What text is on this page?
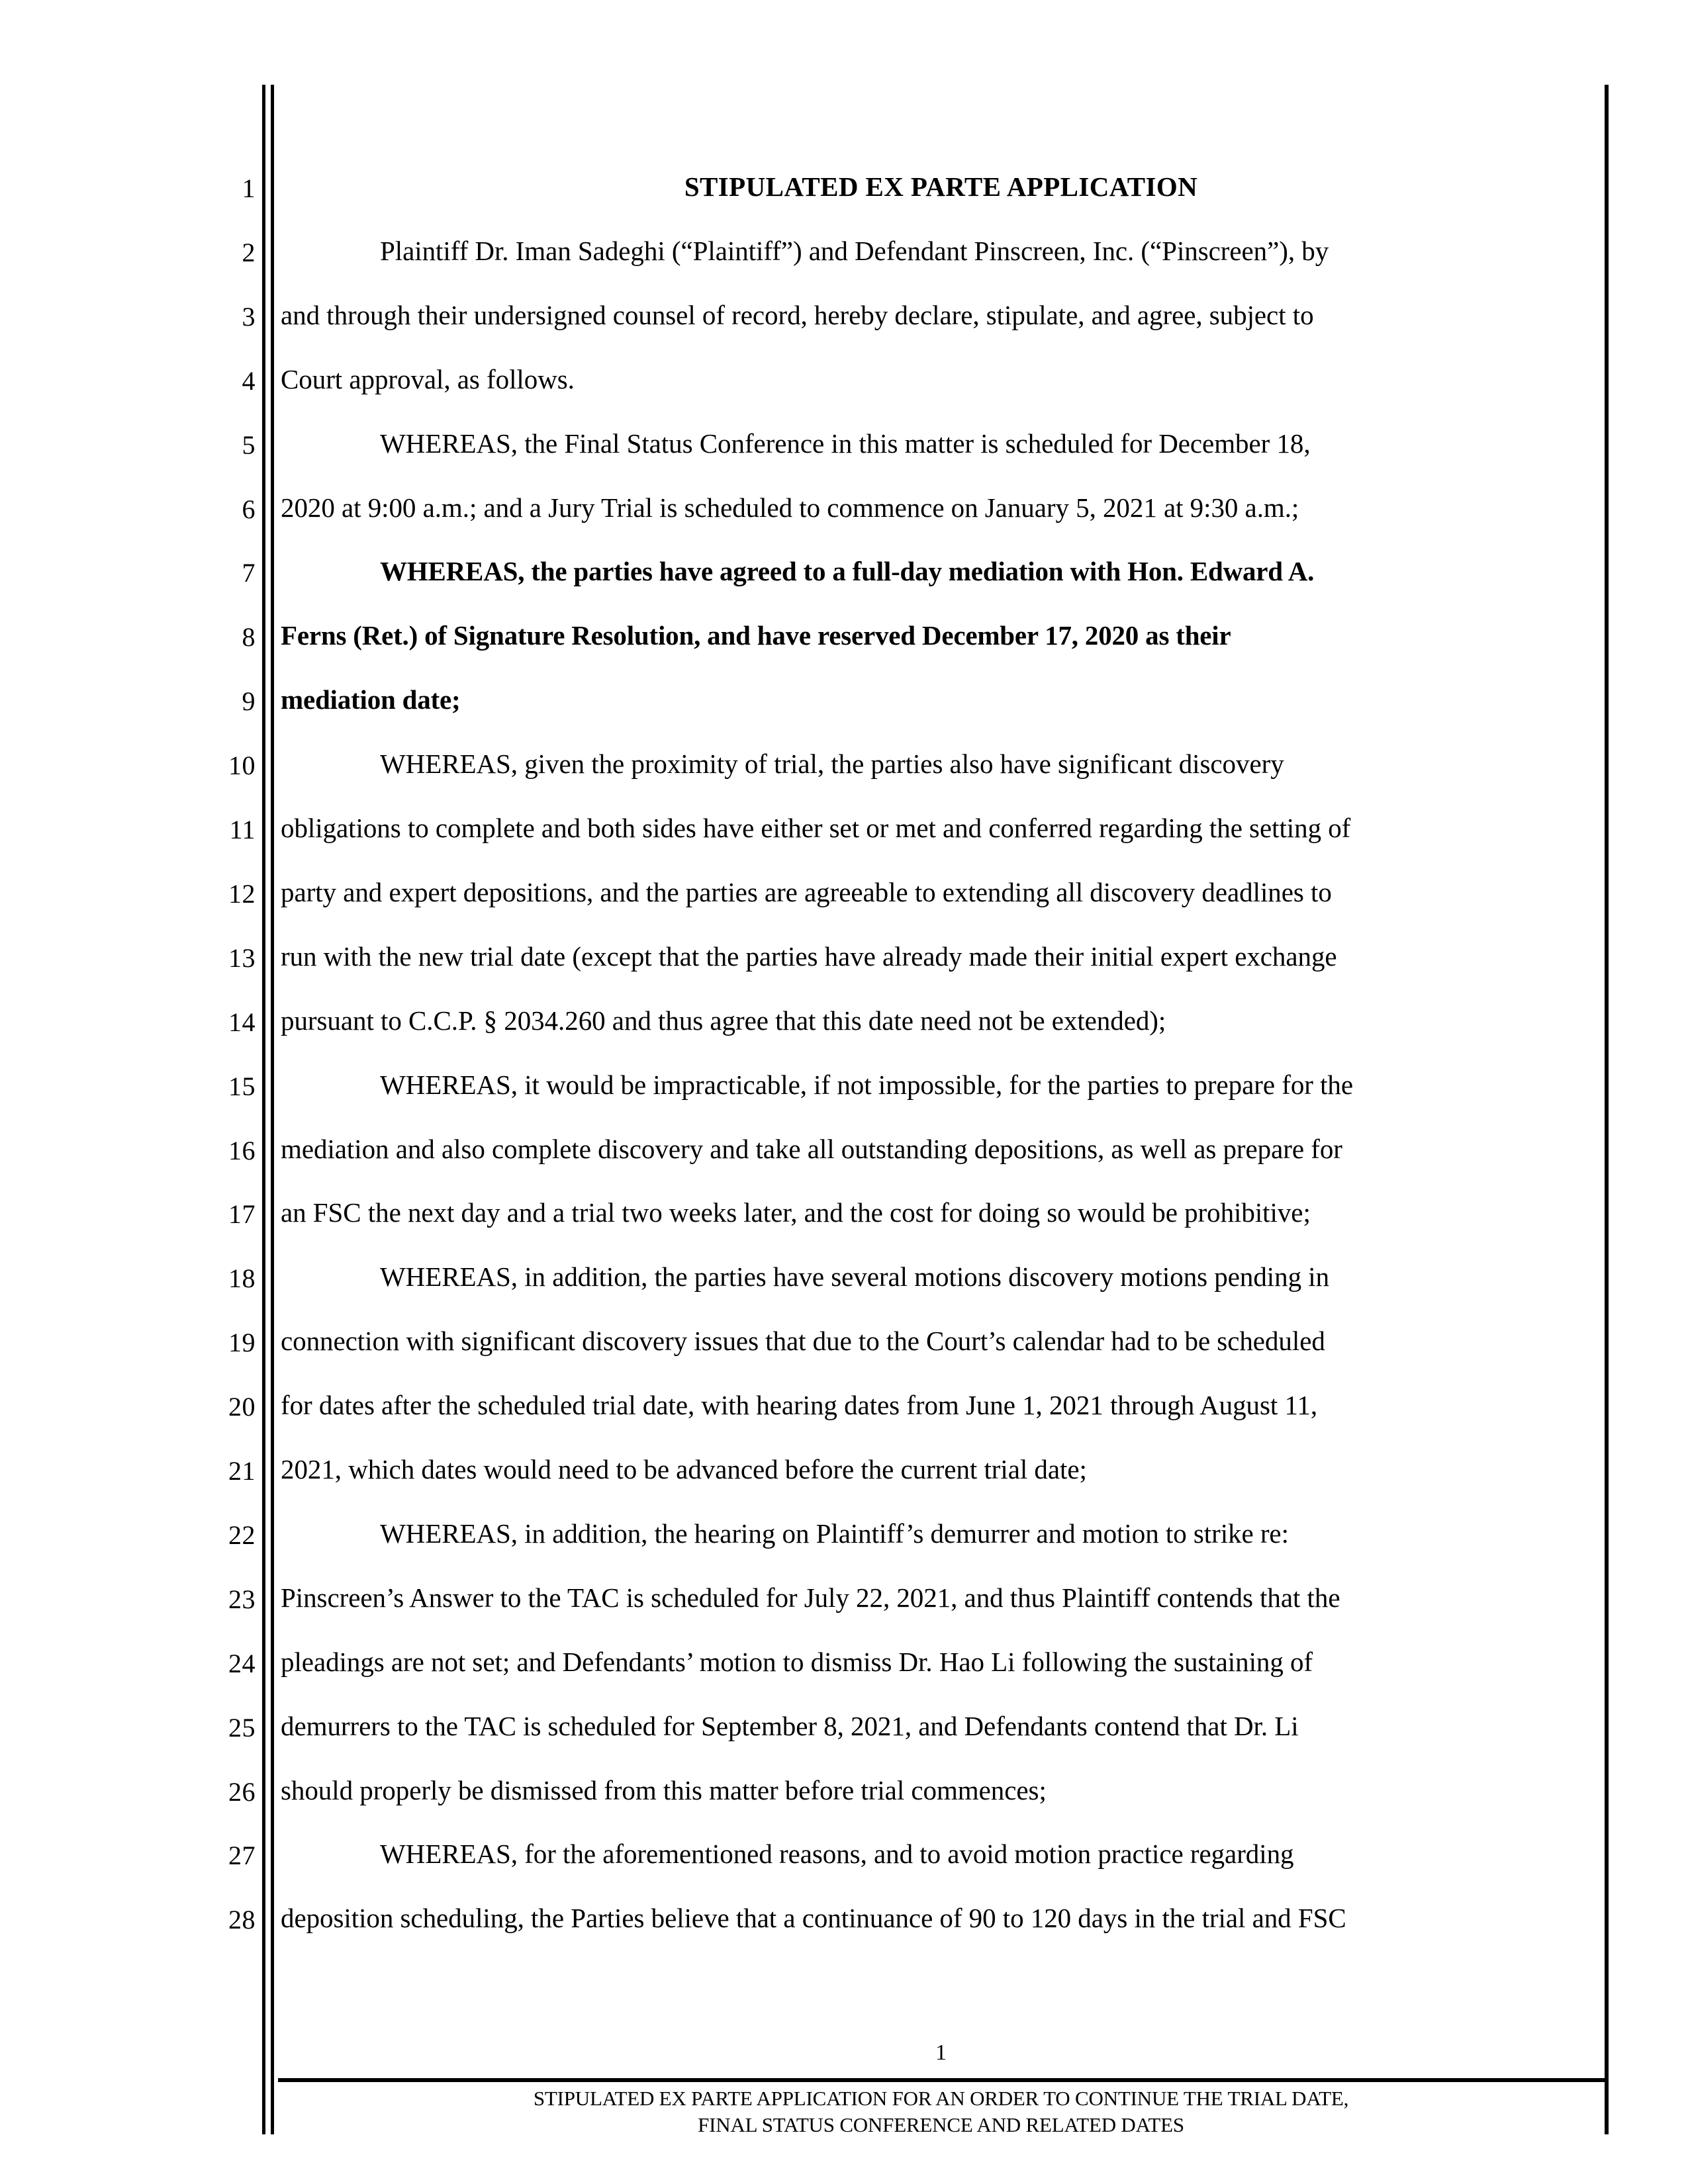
1
2
3
4
5
6
7
8
9
10
11
12
13
14
15
16
17
18
19
20
21
22
23
24
25
26
27
28
STIPULATED EX PARTE APPLICATION
Plaintiff Dr. Iman Sadeghi (“Plaintiff”) and Defendant Pinscreen, Inc. (“Pinscreen”), by
and through their undersigned counsel of record, hereby declare, stipulate, and agree, subject to
Court approval, as follows.
WHEREAS, the Final Status Conference in this matter is scheduled for December 18,
2020 at 9:00 a.m.; and a Jury Trial is scheduled to commence on January 5, 2021 at 9:30 a.m.;
WHEREAS, the parties have agreed to a full-day mediation with Hon. Edward A.
Ferns (Ret.) of Signature Resolution, and have reserved December 17, 2020 as their
mediation date;
WHEREAS, given the proximity of trial, the parties also have significant discovery
obligations to complete and both sides have either set or met and conferred regarding the setting of
party and expert depositions, and the parties are agreeable to extending all discovery deadlines to
run with the new trial date (except that the parties have already made their initial expert exchange
pursuant to C.C.P. § 2034.260 and thus agree that this date need not be extended);
WHEREAS, it would be impracticable, if not impossible, for the parties to prepare for the
mediation and also complete discovery and take all outstanding depositions, as well as prepare for
an FSC the next day and a trial two weeks later, and the cost for doing so would be prohibitive;
WHEREAS, in addition, the parties have several motions discovery motions pending in
connection with significant discovery issues that due to the Court’s calendar had to be scheduled
for dates after the scheduled trial date, with hearing dates from June 1, 2021 through August 11,
2021, which dates would need to be advanced before the current trial date;
WHEREAS, in addition, the hearing on Plaintiff’s demurrer and motion to strike re:
Pinscreen’s Answer to the TAC is scheduled for July 22, 2021, and thus Plaintiff contends that the
pleadings are not set; and Defendants’ motion to dismiss Dr. Hao Li following the sustaining of
demurrers to the TAC is scheduled for September 8, 2021, and Defendants contend that Dr. Li
should properly be dismissed from this matter before trial commences;
WHEREAS, for the aforementioned reasons, and to avoid motion practice regarding
deposition scheduling, the Parties believe that a continuance of 90 to 120 days in the trial and FSC
1
STIPULATED EX PARTE APPLICATION FOR AN ORDER TO CONTINUE THE TRIAL DATE,
FINAL STATUS CONFERENCE AND RELATED DATES
